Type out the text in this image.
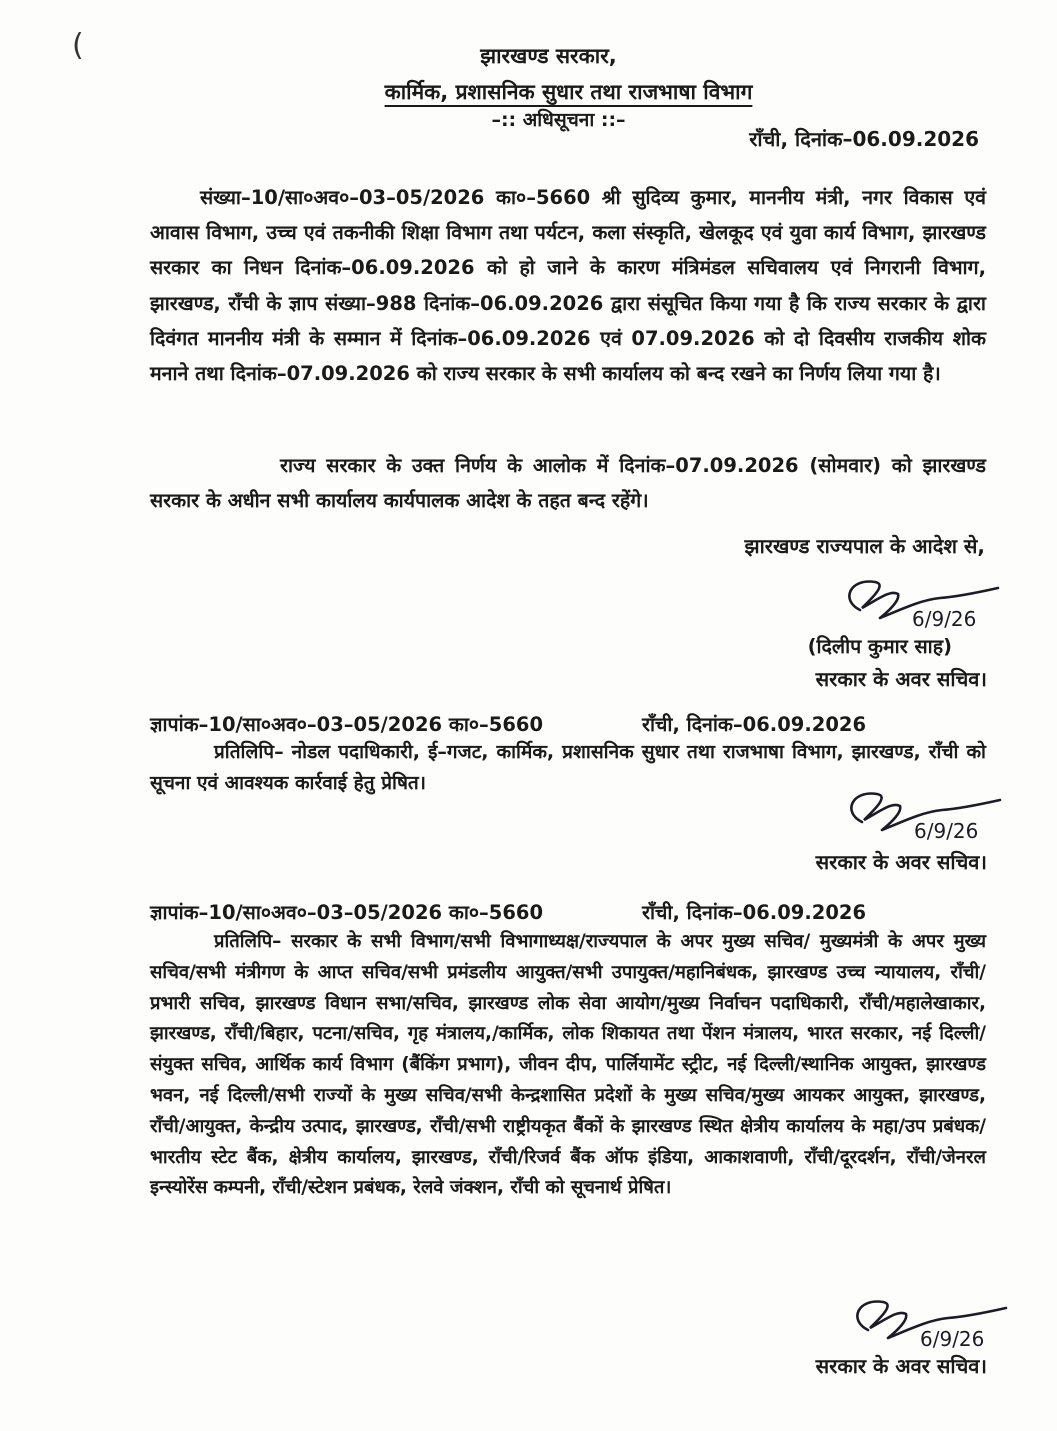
(	झारखण्ड सरकार,
कार्मिक, प्रशासनिक सुधार तथा राजभाषा विभाग
–:: अधिसूचना ::–
राँची, दिनांक–06.09.2026
संख्या–10/सा०अव०–03–05/2026 का०–5660 श्री सुदिव्य कुमार, माननीय मंत्री, नगर विकास एवं आवास विभाग, उच्च एवं तकनीकी शिक्षा विभाग तथा पर्यटन, कला संस्कृति, खेलकूद एवं युवा कार्य विभाग, झारखण्ड सरकार का निधन दिनांक–06.09.2026 को हो जाने के कारण मंत्रिमंडल सचिवालय एवं निगरानी विभाग, झारखण्ड, राँची के ज्ञाप संख्या–988 दिनांक–06.09.2026 द्वारा संसूचित किया गया है कि राज्य सरकार के द्वारा दिवंगत माननीय मंत्री के सम्मान में दिनांक–06.09.2026 एवं 07.09.2026 को दो दिवसीय राजकीय शोक मनाने तथा दिनांक–07.09.2026 को राज्य सरकार के सभी कार्यालय को बन्द रखने का निर्णय लिया गया है।
राज्य सरकार के उक्त निर्णय के आलोक में दिनांक–07.09.2026 (सोमवार) को झारखण्ड सरकार के अधीन सभी कार्यालय कार्यपालक आदेश के तहत बन्द रहेंगे।
झारखण्ड राज्यपाल के आदेश से,
6/9/26
(दिलीप कुमार साह)
सरकार के अवर सचिव।
ज्ञापांक–10/सा०अव०–03–05/2026 का०–5660	राँची, दिनांक–06.09.2026
प्रतिलिपि– नोडल पदाधिकारी, ई–गजट, कार्मिक, प्रशासनिक सुधार तथा राजभाषा विभाग, झारखण्ड, राँची को सूचना एवं आवश्यक कार्रवाई हेतु प्रेषित।
6/9/26
सरकार के अवर सचिव।
ज्ञापांक–10/सा०अव०–03–05/2026 का०–5660	राँची, दिनांक–06.09.2026
प्रतिलिपि– सरकार के सभी विभाग/सभी विभागाध्यक्ष/राज्यपाल के अपर मुख्य सचिव/ मुख्यमंत्री के अपर मुख्य सचिव/सभी मंत्रीगण के आप्त सचिव/सभी प्रमंडलीय आयुक्त/सभी उपायुक्त/महानिबंधक, झारखण्ड उच्च न्यायालय, राँची/प्रभारी सचिव, झारखण्ड विधान सभा/सचिव, झारखण्ड लोक सेवा आयोग/मुख्य निर्वाचन पदाधिकारी, राँची/महालेखाकार, झारखण्ड, राँची/बिहार, पटना/सचिव, गृह मंत्रालय,/कार्मिक, लोक शिकायत तथा पेंशन मंत्रालय, भारत सरकार, नई दिल्ली/संयुक्त सचिव, आर्थिक कार्य विभाग (बैंकिंग प्रभाग), जीवन दीप, पार्लियामेंट स्ट्रीट, नई दिल्ली/स्थानिक आयुक्त, झारखण्ड भवन, नई दिल्ली/सभी राज्यों के मुख्य सचिव/सभी केन्द्रशासित प्रदेशों के मुख्य सचिव/मुख्य आयकर आयुक्त, झारखण्ड, राँची/आयुक्त, केन्द्रीय उत्पाद, झारखण्ड, राँची/सभी राष्ट्रीयकृत बैंकों के झारखण्ड स्थित क्षेत्रीय कार्यालय के महा/उप प्रबंधक/भारतीय स्टेट बैंक, क्षेत्रीय कार्यालय, झारखण्ड, राँची/रिजर्व बैंक ऑफ इंडिया, आकाशवाणी, राँची/दूरदर्शन, राँची/जेनरल इन्स्योरेंस कम्पनी, राँची/स्टेशन प्रबंधक, रेलवे जंक्शन, राँची को सूचनार्थ प्रेषित।
6/9/26
सरकार के अवर सचिव।
